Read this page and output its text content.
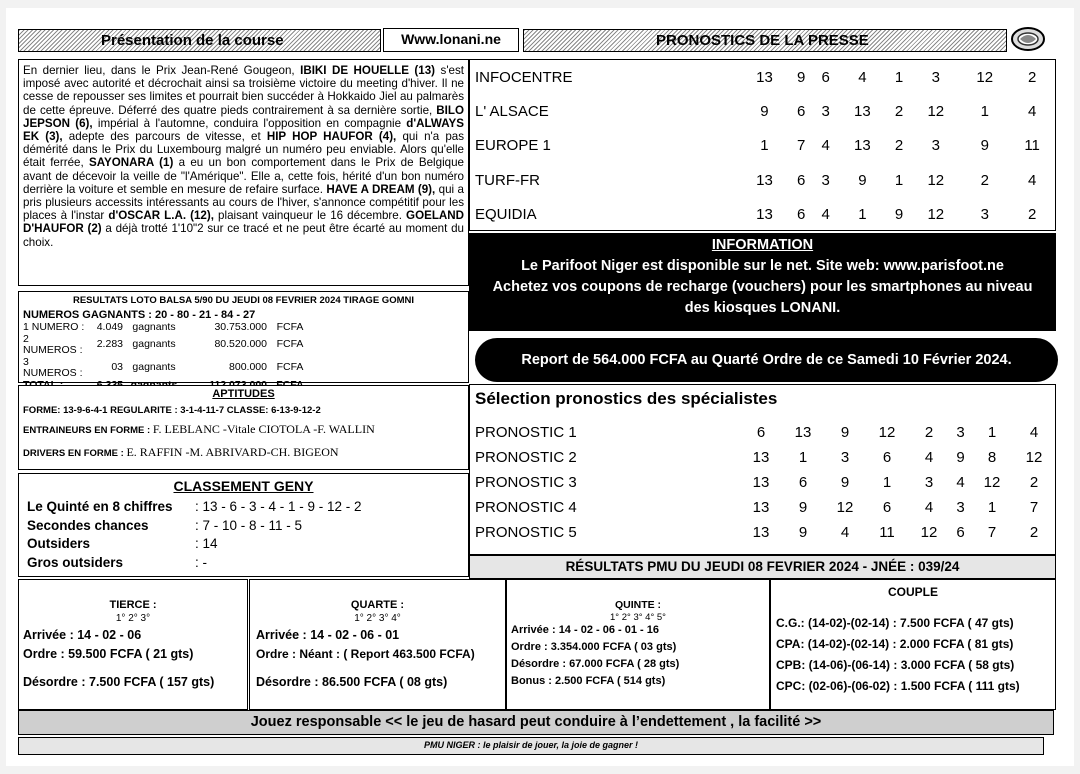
Présentation de la course	Www.lonani.ne	PRONOSTICS DE LA PRESSE

En dernier lieu, dans le Prix Jean-René Gougeon, IBIKI DE HOUELLE (13) s'est imposé avec autorité et décrochait ainsi sa troisième victoire du meeting d'hiver. Il ne cesse de repousser ses limites et pourrait bien succéder à Hokkaido Jiel au palmarès de cette épreuve. Déferré des quatre pieds contrairement à sa dernière sortie, BILO JEPSON (6), impérial à l'automne, conduira l'opposition en compagnie d'ALWAYS EK (3), adepte des parcours de vitesse, et HIP HOP HAUFOR (4), qui n'a pas démérité dans le Prix du Luxembourg malgré un numéro peu enviable. Alors qu'elle était ferrée, SAYONARA (1) a eu un bon comportement dans le Prix de Belgique avant de décevoir la veille de "l'Amérique". Elle a, cette fois, hérité d'un bon numéro derrière la voiture et semble en mesure de refaire surface. HAVE A DREAM (9), qui a pris plusieurs accessits intéressants au cours de l'hiver, s'annonce compétitif pour les places à l'instar d'OSCAR L.A. (12), plaisant vainqueur le 16 décembre. GOELAND D'HAUFOR (2) a déjà trotté 1'10"2 sur ce tracé et ne peut être écarté au moment du choix.

INFOCENTRE	13	9	6	4	1	3	12	2
L' ALSACE	9	6	3	13	2	12	1	4
EUROPE 1	1	7	4	13	2	3	9	11
TURF-FR	13	6	3	9	1	12	2	4
EQUIDIA	13	6	4	1	9	12	3	2
INFORMATION
Le Parifoot Niger est disponible sur le net. Site web: www.parisfoot.ne
Achetez vos coupons de recharge (vouchers) pour les smartphones au niveau
des kiosques LONANI.
Report de 564.000 FCFA au Quarté Ordre de ce Samedi 10 Février 2024.
RESULTATS LOTO BALSA 5/90 DU JEUDI 08 FEVRIER 2024 TIRAGE GOMNI
NUMEROS GAGNANTS : 20 - 80 - 21 - 84 - 27
1 NUMERO :	4.049	gagnants	30.753.000	FCFA
2 NUMEROS :	2.283	gagnants	80.520.000	FCFA
3 NUMEROS :	03	gagnants	800.000	FCFA

APTITUDES
FORME: 13-9-6-4-1 REGULARITE : 3-1-4-11-7 CLASSE: 6-13-9-12-2
ENTRAINEURS EN FORME : F. LEBLANC -Vitale CIOTOLA -F. WALLIN
DRIVERS EN FORME : E. RAFFIN -M. ABRIVARD-CH. BIGEON
CLASSEMENT GENY
Le Quinté en 8 chiffres : 13 - 6 - 3 - 4 - 1 - 9 - 12 - 2
Secondes chances	: 7 - 10 - 8 - 11 - 5
Outsiders	: 14
Gros outsiders	: -
Sélection pronostics des spécialistes
PRONOSTIC 1	6	13	9	12	2	3	1	4
PRONOSTIC 2	13	1	3	6	4	9	8	12
PRONOSTIC 3	13	6	9	1	3	4	12	2
PRONOSTIC 4	13	9	12	6	4	3	1	7
PRONOSTIC 5	13	9	4	11	12	6	7	2
RÉSULTATS PMU DU JEUDI 08 FEVRIER 2024 - JNÉE : 039/24
TIERCE :
1° 2° 3°
Arrivée : 14 - 02 - 06
Ordre : 59.500 FCFA ( 21 gts)
Désordre : 7.500 FCFA ( 157 gts)
QUARTE :
1° 2° 3° 4°
Arrivée : 14 - 02 - 06 - 01
Ordre : Néant : ( Report 463.500 FCFA)
Désordre : 86.500 FCFA ( 08 gts)
QUINTE :
1° 2° 3° 4° 5°
Arrivée : 14 - 02 - 06 - 01 - 16
Ordre : 3.354.000 FCFA ( 03 gts)
Désordre : 67.000 FCFA ( 28 gts)
Bonus : 2.500 FCFA ( 514 gts)
COUPLE
C.G.: (14-02)-(02-14) : 7.500 FCFA ( 47 gts)
CPA: (14-02)-(02-14) : 2.000 FCFA ( 81 gts)
CPB: (14-06)-(06-14) : 3.000 FCFA ( 58 gts)
CPC: (02-06)-(06-02) : 1.500 FCFA ( 111 gts)
Jouez responsable << le jeu de hasard peut conduire à l’endettement , la facilité >>
PMU NIGER : le plaisir de jouer, la joie de gagner !
